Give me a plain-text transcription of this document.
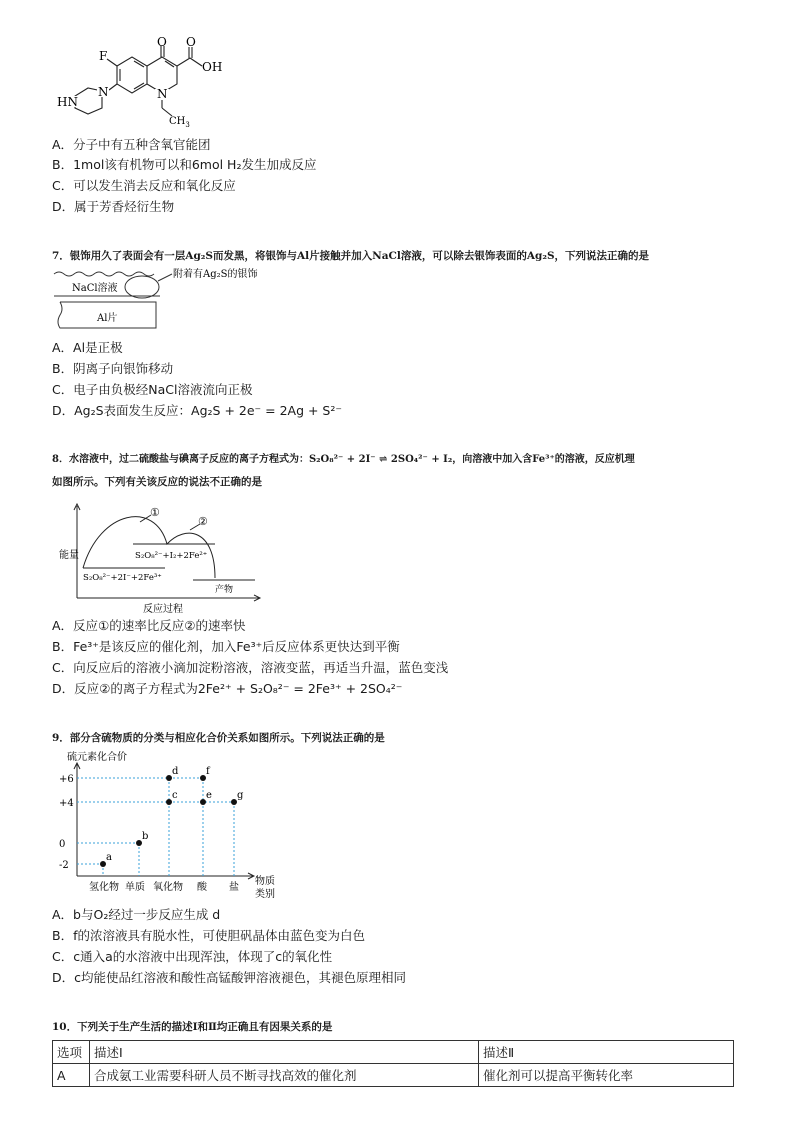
F
O O
OH
N	N
HN
$CH_3$
A．分子中有五种含氧官能团
B．1mol该有机物可以和6mol H₂发生加成反应
C．可以发生消去反应和氧化反应
D．属于芳香烃衍生物
7．银饰用久了表面会有一层Ag₂S而发黑，将银饰与Al片接触并加入NaCl溶液，可以除去银饰表面的Ag₂S，下列说法正确的是
NaCl溶液
附着有Ag₂S的银饰
Al片
A．Al是正极
B．阴离子向银饰移动
C．电子由负极经NaCl溶液流向正极
D．Ag₂S表面发生反应：Ag₂S + 2e⁻ = 2Ag + S²⁻
8．水溶液中，过二硫酸盐与碘离子反应的离子方程式为：S₂O₈²⁻ + 2I⁻ ⇌ 2SO₄²⁻ + I₂，向溶液中加入含Fe³⁺的溶液，反应机理
如图所示。下列有关该反应的说法不正确的是
能量
①
②
S₂O₈²⁻+I₂+2Fe²⁺
S₂O₈²⁻+2I⁻+2Fe³⁺
产物
反应过程
A．反应①的速率比反应②的速率快
B．Fe³⁺是该反应的催化剂，加入Fe³⁺后反应体系更快达到平衡
C．向反应后的溶液小滴加淀粉溶液，溶液变蓝，再适当升温，蓝色变浅
D．反应②的离子方程式为2Fe²⁺ + S₂O₈²⁻ = 2Fe³⁺ + 2SO₄²⁻
9．部分含硫物质的分类与相应化合价关系如图所示。下列说法正确的是
硫元素化合价
物质
类别
+6
+4
0
-2
氢化物 单质 氧化物 酸 盐
a
b
c
d
e
f
g
A．b与O₂经过一步反应生成 d
B．f的浓溶液具有脱水性，可使胆矾晶体由蓝色变为白色
C．c通入a的水溶液中出现浑浊，体现了c的氧化性
D．c均能使品红溶液和酸性高锰酸钾溶液褪色，其褪色原理相同
10．下列关于生产生活的描述Ⅰ和Ⅱ均正确且有因果关系的是
选项	描述Ⅰ	描述Ⅱ
A	合成氨工业需要科研人员不断寻找高效的催化剂	催化剂可以提高平衡转化率
